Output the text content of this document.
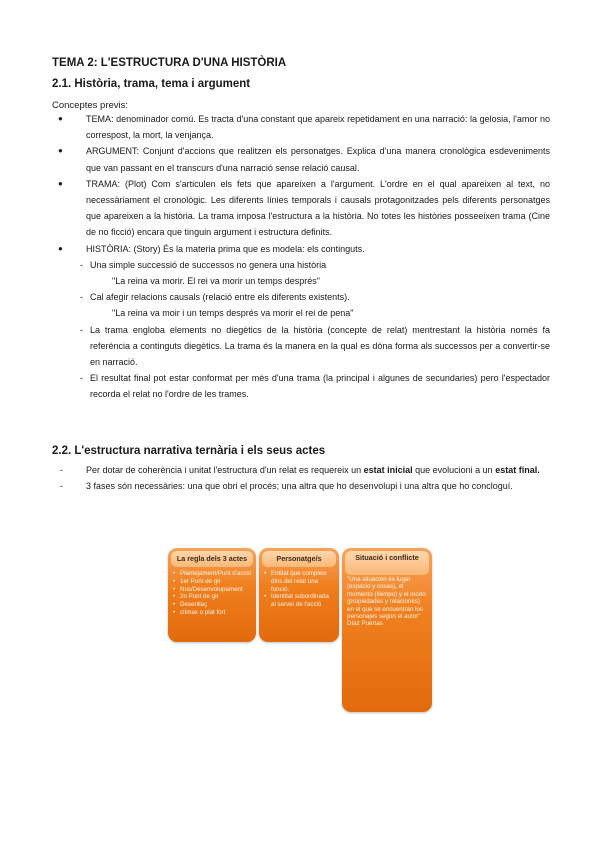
TEMA 2: L'ESTRUCTURA D'UNA HISTÒRIA
2.1. Història, trama, tema i argument
Conceptes previs:
●	TEMA: denominador comú. Es tracta d'una constant que apareix repetidament en una narració: la gelosia, l'amor no correspost, la mort, la venjança.
●	ARGUMENT: Conjunt d'accions que realitzen els personatges. Explica d'una manera cronològica esdeveniments que van passant en el transcurs d'una narració sense relació causal.
●	TRAMA: (Plot) Com s'articulen els fets que apareixen a l'argument. L'ordre en el qual apareixen al text, no necessàriament el cronològic. Les diferents línies temporals i causals protagonitzades pels diferents personatges que apareixen a la història. La trama imposa l'estructura a la història. No totes les històries posseeixen trama (Cine de no ficció) encara que tinguin argument i estructura definits.
●	HISTÒRIA: (Story) És la materia prima que es modela: els continguts.
- Una simple successió de successos no genera una història
"La reina va morir. El rei va morir un temps després"
- Cal afegir relacions causals (relació entre els diferents existents).
"La reina va moir i un temps després va morir el rei de pena"
- La trama engloba elements no diegètics de la història (concepte de relat) mentrestant la història només fa referència a continguts diegètics. La trama és la manera en la qual es dóna forma als successos per a convertir-se en narració.
- El resultat final pot estar conformat per més d'una trama (la principal i algunes de secundaries) pero l'espectador recorda el relat no l'ordre de les trames.
2.2. L'estructura narrativa ternària i els seus actes
-	Per dotar de coherència i unitat l'estructura d'un relat es requereix un estat inicial que evolucioni a un estat final.
-	3 fases són necessàries: una que obri el procés; una altra que ho desenvolupi i una altra que ho concloguí.
La regla dels 3 actes
• Plantejament/Punt d'acció
• 1er Punt de gir
• Nus/Desenvolupament
• 2n Punt de gir
• Desenllaç
• clímax o plat fort
Personatge/s
• Entitat que compleix dins del relat una funció.
• Identitat subordinada al servei de l'acció
Situació i conflicte
"Una situación es lugar (espacio y cosas), el momento (tiempo) y el modo (propiedades y relaciones) en el que se encuentran los personajes según el autor" Díaz Puertas
